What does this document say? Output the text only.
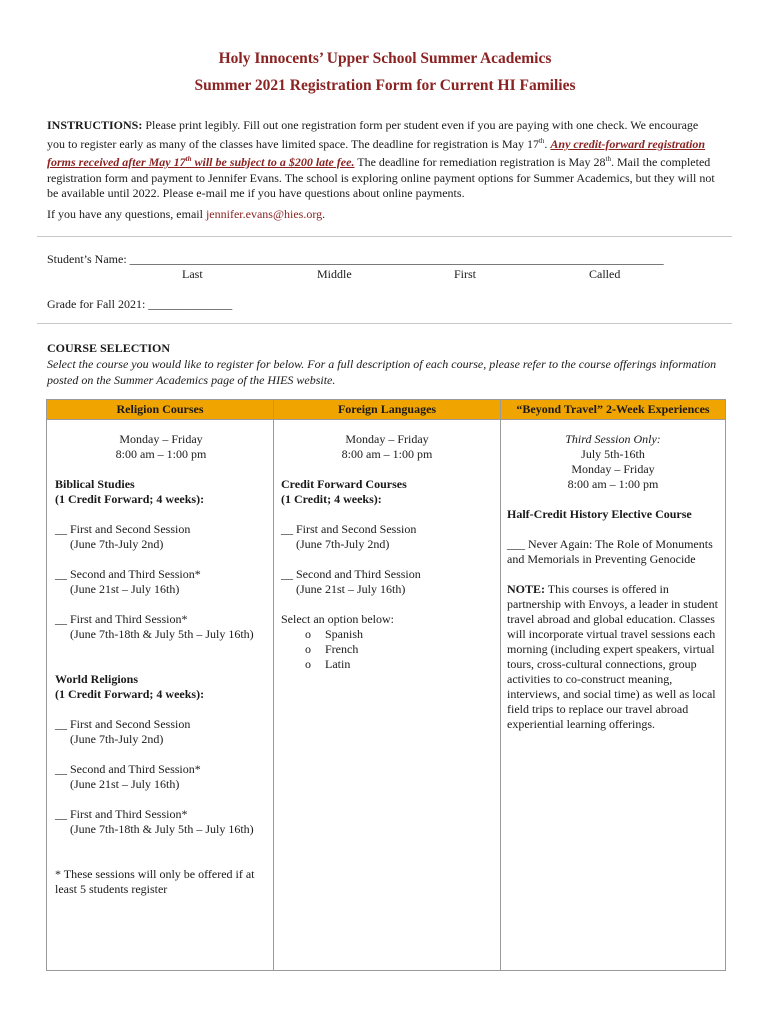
Holy Innocents’ Upper School Summer Academics
Summer 2021 Registration Form for Current HI Families
INSTRUCTIONS: Please print legibly. Fill out one registration form per student even if you are paying with one check. We encourage you to register early as many of the classes have limited space. The deadline for registration is May 17th. Any credit-forward registration forms received after May 17th will be subject to a $200 late fee. The deadline for remediation registration is May 28th. Mail the completed registration form and payment to Jennifer Evans. The school is exploring online payment options for Summer Academics, but they will not be available until 2022. Please e-mail me if you have questions about online payments.
If you have any questions, email jennifer.evans@hies.org.
Student’s Name: _________________________________________________________________________________________
Last	Middle	First	Called
Grade for Fall 2021: ______________
COURSE SELECTION
Select the course you would like to register for below. For a full description of each course, please refer to the course offerings information posted on the Summer Academics page of the HIES website.
Religion Courses	Foreign Languages	“Beyond Travel” 2-Week Experiences
Monday – Friday
8:00 am – 1:00 pm
Biblical Studies
(1 Credit Forward; 4 weeks):
__ First and Second Session
(June 7th-July 2nd)
__ Second and Third Session*
(June 21st – July 16th)
__ First and Third Session*
(June 7th-18th & July 5th – July 16th)
World Religions
(1 Credit Forward; 4 weeks):
__ First and Second Session
(June 7th-July 2nd)
__ Second and Third Session*
(June 21st – July 16th)
__ First and Third Session*
(June 7th-18th & July 5th – July 16th)
* These sessions will only be offered if at least 5 students register
Monday – Friday
8:00 am – 1:00 pm
Credit Forward Courses
(1 Credit; 4 weeks):
__ First and Second Session
(June 7th-July 2nd)
__ Second and Third Session
(June 21st – July 16th)
Select an option below:
o Spanish
o French
o Latin
Third Session Only:
July 5th-16th
Monday – Friday
8:00 am – 1:00 pm
Half-Credit History Elective Course
___ Never Again: The Role of Monuments and Memorials in Preventing Genocide
NOTE: This courses is offered in partnership with Envoys, a leader in student travel abroad and global education. Classes will incorporate virtual travel sessions each morning (including expert speakers, virtual tours, cross-cultural connections, group activities to co-construct meaning, interviews, and social time) as well as local field trips to replace our travel abroad experiential learning offerings.
